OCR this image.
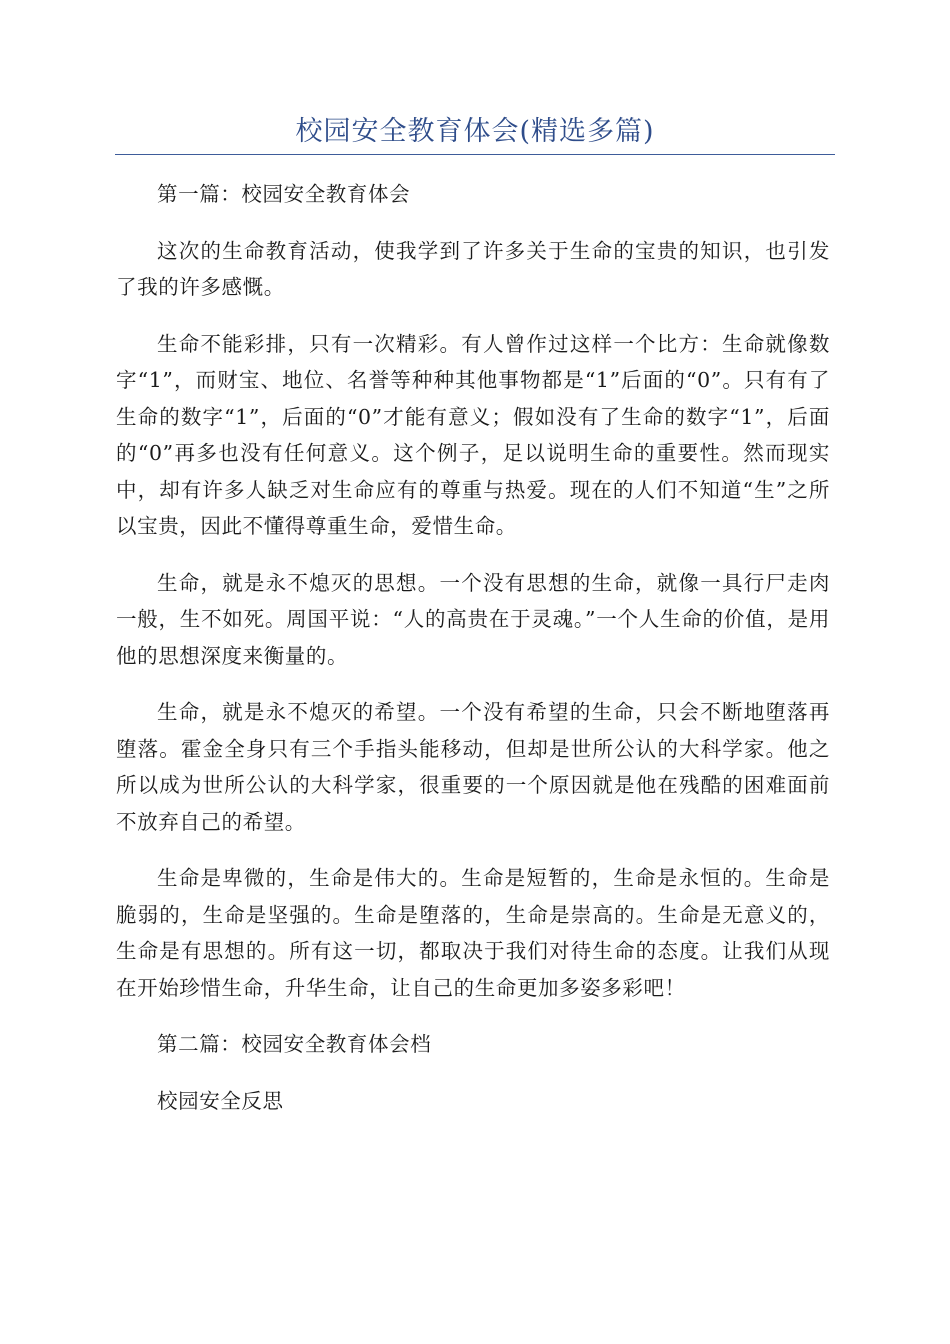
校园安全教育体会(精选多篇)

第一篇：校园安全教育体会

这次的生命教育活动，使我学到了许多关于生命的宝贵的知识，也引发了我的许多感慨。

生命不能彩排，只有一次精彩。有人曾作过这样一个比方：生命就像数字“1”，而财宝、地位、名誉等种种其他事物都是“1”后面的“0”。只有有了生命的数字“1”，后面的“0”才能有意义；假如没有了生命的数字“1”，后面的“0”再多也没有任何意义。这个例子，足以说明生命的重要性。然而现实中，却有许多人缺乏对生命应有的尊重与热爱。现在的人们不知道“生”之所以宝贵，因此不懂得尊重生命，爱惜生命。

生命，就是永不熄灭的思想。一个没有思想的生命，就像一具行尸走肉一般，生不如死。周国平说：“人的高贵在于灵魂。”一个人生命的价值，是用他的思想深度来衡量的。

生命，就是永不熄灭的希望。一个没有希望的生命，只会不断地堕落再堕落。霍金全身只有三个手指头能移动，但却是世所公认的大科学家。他之所以成为世所公认的大科学家，很重要的一个原因就是他在残酷的困难面前不放弃自己的希望。

生命是卑微的，生命是伟大的。生命是短暂的，生命是永恒的。生命是脆弱的，生命是坚强的。生命是堕落的，生命是崇高的。生命是无意义的，生命是有思想的。所有这一切，都取决于我们对待生命的态度。让我们从现在开始珍惜生命，升华生命，让自己的生命更加多姿多彩吧！

第二篇：校园安全教育体会档

校园安全反思
